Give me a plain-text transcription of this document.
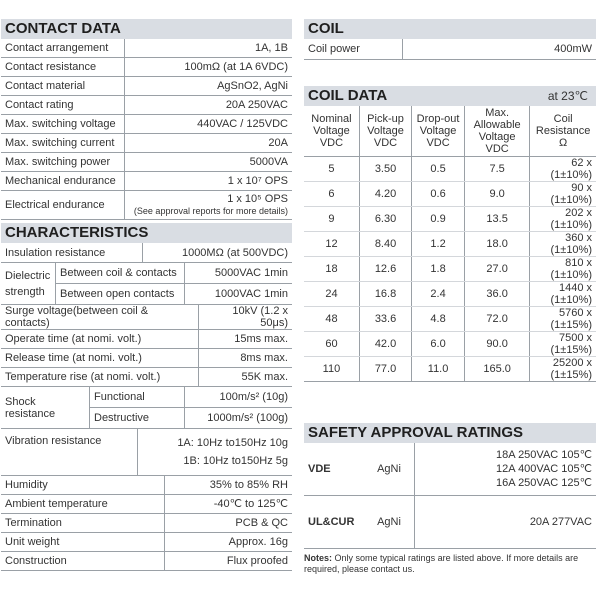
CONTACT DATA
Contact arrangement	1A, 1B
Contact resistance	100mΩ (at 1A 6VDC)
Contact material	AgSnO2, AgNi
Contact rating	20A 250VAC
Max. switching voltage	440VAC / 125VDC
Max. switching current	20A
Max. switching power	5000VA
Mechanical endurance	1 x 10⁷ OPS
Electrical endurance	1 x 10⁵ OPS
(See approval reports for more details)
CHARACTERISTICS
Insulation resistance	1000MΩ (at 500VDC)
Dielectric strength	Between coil & contacts	5000VAC 1min
	Between open contacts	1000VAC 1min
Surge voltage(between coil & contacts)	10kV (1.2 x 50μs)
Operate time (at nomi. volt.)	15ms max.
Release time (at nomi. volt.)	8ms max.
Temperature rise (at nomi. volt.)	55K max.
Shock resistance	Functional	100m/s² (10g)
	Destructive	1000m/s² (100g)
Vibration resistance	1A: 10Hz to150Hz 10g
1B: 10Hz to150Hz 5g
Humidity	35% to 85% RH
Ambient temperature	-40℃ to 125℃
Termination	PCB & QC
Unit weight	Approx. 16g
Construction	Flux proofed
COIL
Coil power	400mW
COIL DATA	at 23℃
Nominal Voltage VDC	Pick-up Voltage VDC	Drop-out Voltage VDC	Max. Allowable Voltage VDC	Coil Resistance Ω
5	3.50	0.5	7.5	62 x (1±10%)
6	4.20	0.6	9.0	90 x (1±10%)
9	6.30	0.9	13.5	202 x (1±10%)
12	8.40	1.2	18.0	360 x (1±10%)
18	12.6	1.8	27.0	810 x (1±10%)
24	16.8	2.4	36.0	1440 x (1±10%)
48	33.6	4.8	72.0	5760 x (1±15%)
60	42.0	6.0	90.0	7500 x (1±15%)
110	77.0	11.0	165.0	25200 x (1±15%)
SAFETY APPROVAL RATINGS
VDE	AgNi	18A 250VAC 105℃
12A 400VAC 105℃
16A 250VAC 125℃

UL&CUR	AgNi	20A 277VAC
Notes: Only some typical ratings are listed above. If more details are required, please contact us.
